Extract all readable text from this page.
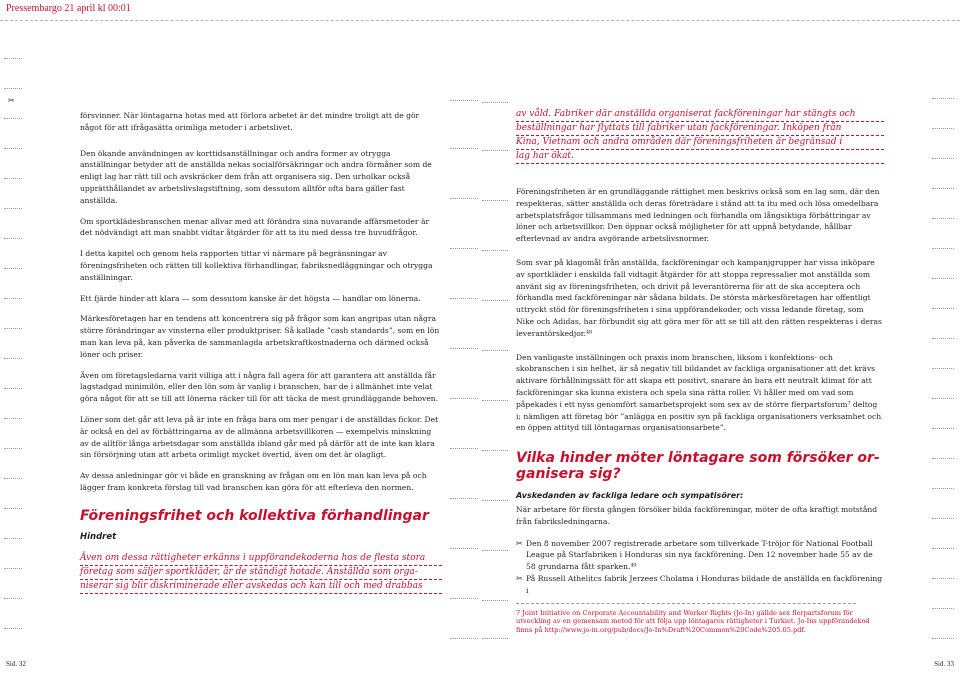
Pressembargo 21 april kl 00:01
✂

försvinner. När löntagarna hotas med att förlora arbetet är det mindre troligt att de gör något för att ifrågasätta orimliga metoder i arbetslivet.

Den ökande användningen av korttidsanställningar och andra former av otrygga anställningar betyder att de anställda nekas socialförsäkringar och andra förmåner som de enligt lag har rätt till och avskräcker dem från att organisera sig. Den urholkar också upprätthållandet av arbetslivslagstiftning, som dessutom alltför ofta bara gäller fast anställda.

Om sportklädesbranschen menar allvar med att förändra sina nuvarande affärsmetoder är det nödvändigt att man snabbt vidtar åtgärder för att ta itu med dessa tre huvudfrågor.

I detta kapitel och genom hela rapporten tittar vi närmare på begränsningar av föreningsfriheten och rätten till kollektiva förhandlingar, fabriksnedläggningar och otrygga anställningar.

Ett fjärde hinder att klara — som dessutom kanske är det högsta — handlar om lönerna.

Märkesföretagen har en tendens att koncentrera sig på frågor som kan angripas utan några större förändringar av vinsterna eller produktpriser. Så kallade ”cash standards”, som en lön man kan leva på, kan påverka de sammanlagda arbetskraftkostnaderna och därmed också löner och priser.

Även om företagsledarna varit villiga att i några fall agera för att garantera att anställda får lagstadgad minimilön, eller den lön som är vanlig i branschen, har de i allmänhet inte velat göra något för att se till att lönerna räcker till för att täcka de mest grundläggande behoven.

Löner som det går att leva på är inte en fråga bara om mer pengar i de anställdas fickor. Det är också en del av förbättringarna av de allmänna arbetsvillkoren — exempelvis minskning av de alltför långa arbetsdagar som anställda ibland går med på därför att de inte kan klara sin försörjning utan att arbeta orimligt mycket övertid, även om det är olagligt.

Av dessa anledningar gör vi både en granskning av frågan om en lön man kan leva på och lägger fram konkreta förslag till vad branschen kan göra för att efterleva den normen.

Föreningsfrihet och kollektiva förhandlingar
Hindret
Även om dessa rättigheter erkänns i uppförandekoderna hos de flesta stora
företag som säljer sportkläder, är de ständigt hotade. Anställda som orga-
niserar sig blir diskriminerade eller avskedas och kan till och med drabbas
av våld. Fabriker där anställda organiserat fackföreningar har stängts och
beställningar har flyttats till fabriker utan fackföreningar. Inköpen från
Kina, Vietnam och andra områden där föreningsfriheten är begränsad i
lag har ökat.

Föreningsfriheten är en grundläggande rättighet men beskrivs också som en lag som, där den respekteras, sätter anställda och deras företrädare i stånd att ta itu med och lösa omedelbara arbetsplatsfrågor tillsammans med ledningen och förhandla om långsiktiga förbättringar av löner och arbetsvillkor. Den öppnar också möjligheter för att uppnå betydande, hållbar efterlevnad av andra avgörande arbetslivsnormer.

Som svar på klagomål från anställda, fackföreningar och kampanjgrupper har vissa inköpare av sportkläder i enskilda fall vidtagit åtgärder för att stoppa repressalier mot anställda som använt sig av föreningsfriheten, och drivit på leverantörerna för att de ska acceptera och förhandla med fackföreningar när sådana bildats. De största märkesföretagen har offentligt uttryckt stöd för föreningsfriheten i sina uppförandekoder, och vissa ledande företag, som Nike och Adidas, har förbundit sig att göra mer för att se till att den rätten respekteras i deras leverantörskedjor.⁴⁸

Den vanligaste inställningen och praxis inom branschen, liksom i konfektions- och skobranschen i sin helhet, är så negativ till bildandet av fackliga organisationer att det krävs aktivare förhållningssätt för att skapa ett positivt, snarare än bara ett neutralt klimat för att fackföreningar ska kunna existera och spela sina rätta roller. Vi håller med om vad som påpekades i ett nyss genomfört samarbetsprojekt som sex av de större flerpartsforum⁷ deltog i; nämligen att företag bör ”anlägga en positiv syn på fackliga organisationers verksamhet och en öppen attityd till löntagarnas organisationsarbete”.

Vilka hinder möter löntagare som försöker or-
ganisera sig?
Avskedanden av fackliga ledare och sympatisörer:

När arbetare för första gången försöker bilda fackföreningar, möter de ofta kraftigt motstånd från fabriksledningarna.

✂ Den 8 november 2007 registrerade arbetare som tillverkade T-tröjor för National Football League på Starfabriken i Honduras sin nya fackförening. Den 12 november hade 55 av de 58 grundarna fått sparken.⁴⁹
✂ På Russell Athelitcs fabrik Jerzees Cholama i Honduras bildade de anställda en fackförening i
7 Joint Initiative on Corporate Accountability and Worker Rights (Jo-In) gällde sex flerpartsforum för utveckling av en gemensam metod för att följa upp löntagares rättigheter i Turkiet. Jo-Ins uppförandekod finns på http://www.jo-in.org/pub/docs/Jo-In%Draft%20Common%20Code%205.05.pdf.
Sid. 32	Sid. 33
